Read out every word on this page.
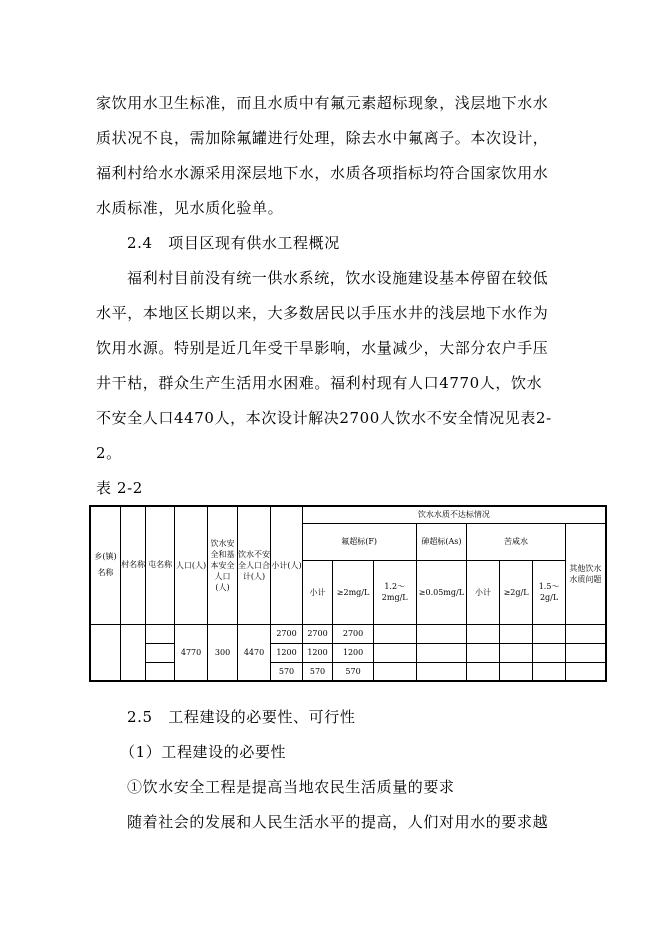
家饮用水卫生标准，而且水质中有氟元素超标现象，浅层地下水水
质状况不良，需加除氟罐进行处理，除去水中氟离子。本次设计，
福利村给水水源采用深层地下水，水质各项指标均符合国家饮用水
水质标准，见水质化验单。
2.4　项目区现有供水工程概况
福利村目前没有统一供水系统，饮水设施建设基本停留在较低
水平，本地区长期以来，大多数居民以手压水井的浅层地下水作为
饮用水源。特别是近几年受干旱影响，水量减少，大部分农户手压
井干枯，群众生产生活用水困难。福利村现有人口4770人，饮水
不安全人口4470人，本次设计解决2700人饮水不安全情况见表2-
2。
表 2-2
乡(镇)名称	村名称	屯名称	人口(人)	饮水安全和基本安全人口(人)	饮水不安全人口合计(人)	小计(人)	饮水水质不达标情况							
							氟超标(F)			砷超标(As)	苦咸水			其他饮水水质问题
							小计	≥2mg/L	1.2～2mg/L	≥0.05mg/L	小计	≥2g/L	1.5～2g/L	
			4770	300	4470	2700	2700	2700						
						1200	1200	1200						
						570	570	570						
2.5　工程建设的必要性、可行性
（1）工程建设的必要性
①饮水安全工程是提高当地农民生活质量的要求
随着社会的发展和人民生活水平的提高，人们对用水的要求越
